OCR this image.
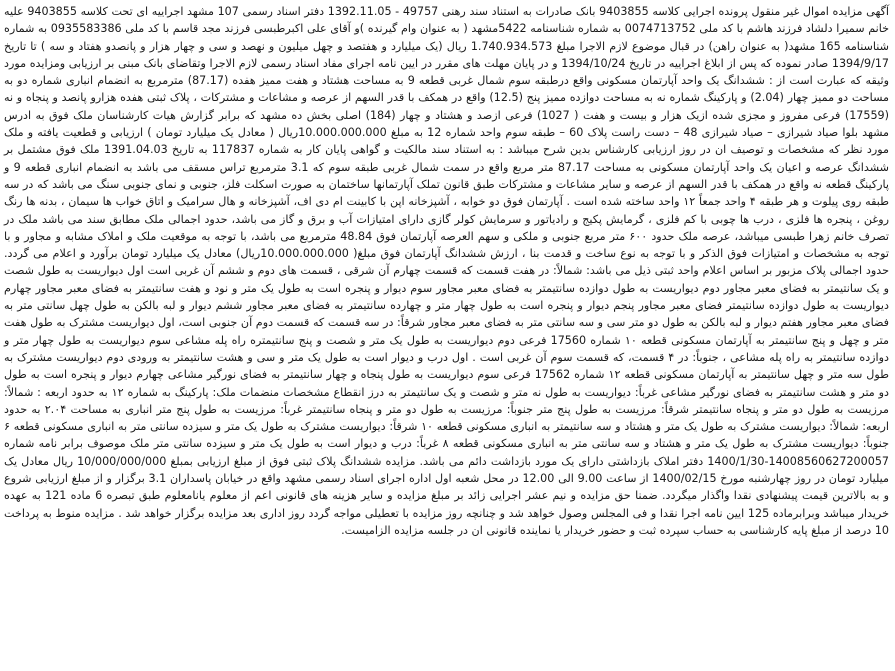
آگهی مزایده اموال غیر منقول پرونده اجرایی کلاسه 9403855 بانک صادرات به استناد سند رهنی 49757 - 1392.11.05 دفتر اسناد رسمی 107 مشهد اجراییه ای تحت کلاسه 9403855 علیه خانم سمیرا دلشاد فرزند هاشم با کد ملی 0074713752 به شماره شناسنامه 5422مشهد ( به عنوان وام گیرنده )و آقای علی اکبرطبسی فرزند مجد قاسم با کد ملی 0935583386 به شماره شناسنامه 165 مشهد( به عنوان راهن) در قبال موضوع لازم الاجرا مبلغ 1.740.934.573 ریال (یک میلیارد و هفتصد و چهل میلیون و نهصد و سی و چهار هزار و پانصدو هفتاد و سه ) تا تاریخ 1394/9/17 صادر نموده که پس از ابلاغ اجراییه در تاریخ 1394/10/24 و در پایان مهلت های مقرر در ایین نامه اجرای مفاد اسناد رسمی لازم الاجرا وتقاضای بانک مبنی بر ارزیابی ومزایده مورد وثیقه که عبارت است از : ششدانگ یک واحد آپارتمان مسکونی واقع درطبقه سوم شمال غربی قطعه 9 به مساحت هشتاد و هفت ممیز هفده (87.17) مترمربع به انضمام انباری شماره دو به مساحت دو ممیز چهار (2.04) و پارکینگ شماره نه به مساحت دوازده ممیز پنج (12.5) واقع در همکف با قدر السهم از عرصه و مشاعات و مشترکات ، پلاک ثبتی هفده هزارو پانصد و پنجاه و نه (17559) فرعی مفروز و مجزی شده ازیک هزار و بیست و هفت ( 1027) فرعی ازصد و هشتاد و چهار (184) اصلی بخش ده مشهد که برابر گزارش هیات کارشناسان ملک فوق به ادرس مشهد بلوا صیاد شیرازی – صیاد شیرازی 48 – دست راست پلاک 60 – طبقه سوم واحد شماره 12 به مبلغ 10.000.000.000ریال ( معادل یک میلیارد تومان ) ارزیابی و قطعیت یافته و ملک مورد نظر که مشخصات و توصیف ان در روز ارزیابی کارشناس بدین شرح میباشد : به استناد سند مالکیت و گواهی پایان کار به شماره 117837 به تاریخ 1391.04.03 ملک فوق مشتمل بر ششدانگ عرصه و اعیان یک واحد آپارتمان مسکونی به مساحت 87.17 متر مربع واقع در سمت شمال غربی طبقه سوم که 3.1 مترمربع تراس مسقف می باشد به انضمام انباری قطعه 9 و پارکینگ قطعه نه واقع در همکف با قدر السهم از عرصه و سایر مشاعات و مشترکات طبق قانون تملک آپارتمانها ساختمان به صورت اسکلت فلز، جنوبی و نمای جنوبی سنگ می باشد که در سه طبقه روی پیلوت و هر طبقه ۴ واحد جمعاً ۱۲ واحد ساخته شده است . آپارتمان فوق دو خوابه ، آشپزخانه اپن با کابینت ام دی اف، آشپزخانه و هال سرامیک و اتاق خواب ها سیمان ، بدنه ها رنگ روغن ، پنجره ها فلزی ، درب ها چوبی با کم فلزی ، گرمایش پکیج و رادیاتور و سرمایش کولر گازی دارای امتیازات آب و برق و گاز می باشد، حدود اجمالی ملک مطابق سند می باشد ملک در تصرف خانم زهرا طبسی میباشد، عرصه ملک حدود ۶۰۰ متر مربع جنوبی و ملکی و سهم العرصه آپارتمان فوق 48.84 مترمربع می باشد، با توجه به موقعیت ملک و املاک مشابه و مجاور و با توجه به مشخصات و امتیازات فوق الذکر و با توجه به نوع ساخت و قدمت بنا ، ارزش ششدانگ آپارتمان فوق مبلغ( 10.000.000.000ریال) معادل یک میلیارد تومان برآورد و اعلام می گردد. حدود اجمالی پلاک مزبور بر اساس اعلام واحد ثبتی ذیل می باشد: شمالاً: در هفت قسمت که قسمت چهارم آن شرقی ، قسمت های دوم و ششم آن غربی است اول دیواریست به طول شصت و یک سانتیمتر به فضای معبر مجاور دوم دیواریست به طول دوازده سانتیمتر به فضای معبر مجاور سوم دیوار و پنجره است به طول یک متر و نود و هفت سانتیمتر به فضای معبر مجاور چهارم دیواریست به طول دوازده سانتیمتر فضای معبر مجاور پنجم دیوار و پنجره است به طول چهار متر و چهارده سانتیمتر به فضای معبر مجاور ششم دیوار و لبه بالکن به طول چهل سانتی متر به فضای معبر مجاور هفتم دیوار و لبه بالکن به طول دو متر سی و سه سانتی متر به فضای معبر مجاور شرقاً: در سه قسمت که قسمت دوم آن جنوبی است، اول دیواریست مشترک به طول هفت متر و چهل و پنج سانتیمتر به آپارتمان مسکونی قطعه ۱۰ شماره 17560 فرعی دوم دیواریست به طول یک متر و شصت و پنج سانتیمتره راه پله مشاعی سوم دیواریست به طول چهار متر و دوازده سانتیمتر به راه پله مشاعی ، جنوباً: در ۴ قسمت، که قسمت سوم آن غربی است . اول درب و دیوار است به طول یک متر و سی و هشت سانتیمتر به ورودی دوم دیواریست مشترک به طول سه متر و چهل سانتیمتر به آپارتمان مسکونی قطعه ۱۲ شماره 17562 فرعی سوم دیواریست به طول پنجاه و چهار سانتیمتر به فضای نورگیر مشاعی چهارم دیوار و پنجره است به طول دو متر و هشت سانتیمتر به فضای نورگیر مشاعی غرباً: دیواریست به طول نه متر و شصت و یک سانتیمتر به درز انقطاع مشخصات منضمات ملک: پارکینگ به شماره ۱۲ به حدود اربعه : شمالاً: مرزیست به طول دو متر و پنجاه سانتیمتر شرقاً: مرزیست به طول پنج متر جنوباً: مرزیست به طول دو متر و پنجاه سانتیمتر غرباً: مرزیست به طول پنج متر انباری به مساحت ۲.۰۴ به حدود اربعه: شمالاً: دیواریست مشترک به طول یک متر و هشتاد و سه سانتیمتر به انباری مسکونی قطعه ۱۰ شرقاً: دیواریست مشترک به طول یک متر و سیزده سانتی متر به انباری مسکونی قطعه ۶ جنوباً: دیواریست مشترک به طول یک متر و هشتاد و سه سانتی متر به انباری مسکونی قطعه ۸ غرباً: درب و دیوار است به طول یک متر و سیزده سانتی متر ملک موصوف برابر نامه شماره 14008560627200057-1400/1/30 دفتر املاک بازداشتی دارای یک مورد بازداشت دائم می باشد. مزایده ششدانگ پلاک ثبتی فوق از مبلغ ارزیابی بمبلغ 10/000/000/000 ریال معادل یک میلیارد تومان در روز چهارشنبه مورخ 1400/02/15 از ساعت 9.00 الی 12.00 در محل شعبه اول اداره اجرای اسناد رسمی مشهد واقع در خیابان پاسداران 3.1 برگزار و از مبلغ ارزیابی شروع و به بالاترین قیمت پیشنهادی نقدا واگذار میگردد. ضمنا حق مزایده و نیم عشر اجرایی زائد بر مبلغ مزایده و سایر هزینه های قانونی اعم از معلوم یانامعلوم طبق تبصره 6 ماده 121 به عهده خریدار میباشد وبرابرماده 125 ایین نامه اجرا نقدا و فی المجلس وصول خواهد شد و چنانچه روز مزایده با تعطیلی مواجه گردد روز اداری بعد مزایده برگزار خواهد شد . مزایده منوط به پرداخت 10 درصد از مبلغ پایه کارشناسی به حساب سپرده ثبت و حضور خریدار یا نماینده قانونی ان در جلسه مزایده الزامیست.
